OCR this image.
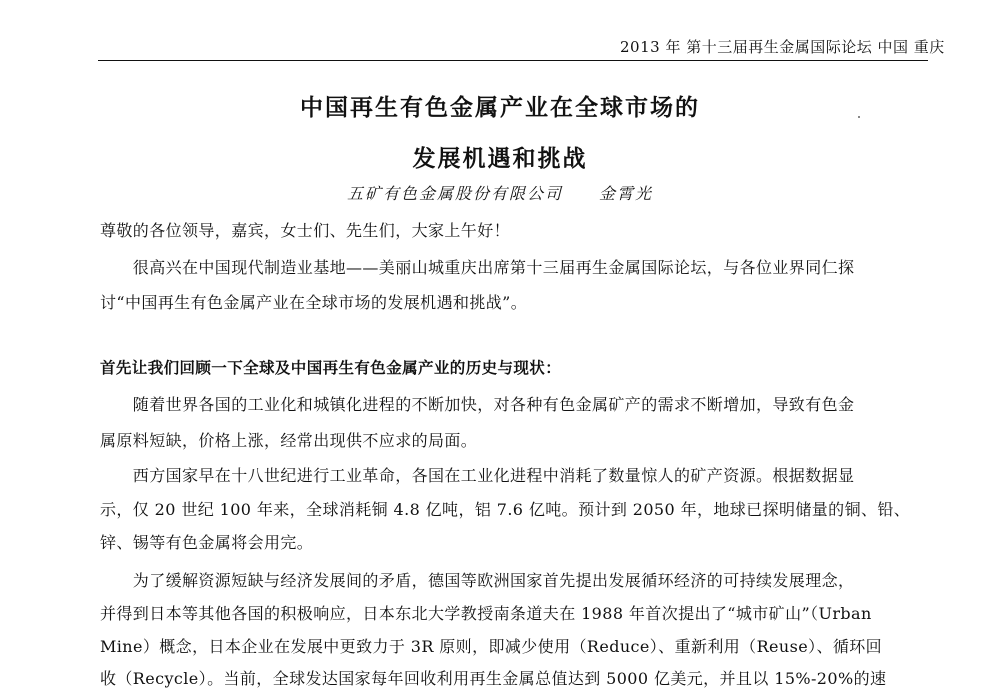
2013 年 第十三届再生金属国际论坛 中国 重庆
中国再生有色金属产业在全球市场的
发展机遇和挑战
五矿有色金属股份有限公司 金霄光
尊敬的各位领导，嘉宾，女士们、先生们，大家上午好！
　　很高兴在中国现代制造业基地——美丽山城重庆出席第十三届再生金属国际论坛，与各位业界同仁探
讨“中国再生有色金属产业在全球市场的发展机遇和挑战”。
首先让我们回顾一下全球及中国再生有色金属产业的历史与现状：
　　随着世界各国的工业化和城镇化进程的不断加快，对各种有色金属矿产的需求不断增加，导致有色金
属原料短缺，价格上涨，经常出现供不应求的局面。
　　西方国家早在十八世纪进行工业革命，各国在工业化进程中消耗了数量惊人的矿产资源。根据数据显
示，仅 20 世纪 100 年来，全球消耗铜 4.8 亿吨，铝 7.6 亿吨。预计到 2050 年，地球已探明储量的铜、铅、
锌、锡等有色金属将会用完。
　　为了缓解资源短缺与经济发展间的矛盾，德国等欧洲国家首先提出发展循环经济的可持续发展理念，
并得到日本等其他各国的积极响应，日本东北大学教授南条道夫在 1988 年首次提出了“城市矿山”（Urban
Mine）概念，日本企业在发展中更致力于 3R 原则，即减少使用（Reduce）、重新利用（Reuse）、循环回
收（Recycle）。当前，全球发达国家每年回收利用再生金属总值达到 5000 亿美元，并且以 15%-20%的速
